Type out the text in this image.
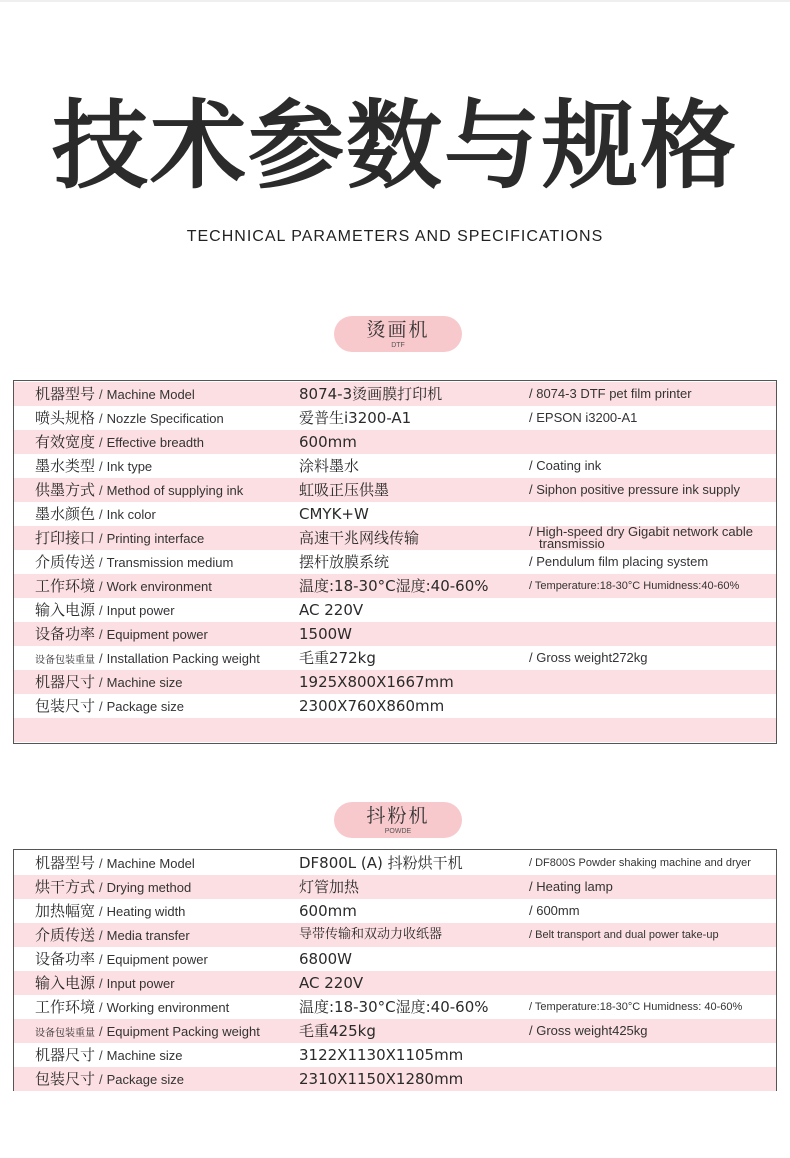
技术参数与规格
TECHNICAL PARAMETERS AND SPECIFICATIONS
烫画机
DTF
机器型号 / Machine Model	8074-3烫画膜打印机	/ 8074-3 DTF pet film printer
喷头规格 / Nozzle Specification	爱普生i3200-A1	/ EPSON i3200-A1
有效宽度 / Effective breadth	600mm
墨水类型 / Ink type	涂料墨水	/ Coating ink
供墨方式 / Method of supplying ink	虹吸正压供墨	/ Siphon positive pressure ink supply
墨水颜色 / Ink color	CMYK+W
打印接口 / Printing interface	高速干兆网线传输	/ High-speed dry Gigabit network cable
transmissio
介质传送 / Transmission medium	摆杆放膜系统	/ Pendulum film placing system
工作环境 / Work environment	温度:18-30°C湿度:40-60%	/ Temperature:18-30°C Humidness:40-60%
输入电源 / Input power	AC 220V
设备功率 / Equipment power	1500W
设备包装重量 / Installation Packing weight	毛重272kg	/ Gross weight272kg
机器尺寸 / Machine size	1925X800X1667mm
包装尺寸 / Package size	2300X760X860mm
抖粉机
POWDE
机器型号 / Machine Model	DF800L (A) 抖粉烘干机	/ DF800S Powder shaking machine and dryer
烘干方式 / Drying method	灯管加热	/ Heating lamp
加热幅宽 / Heating width	600mm	/ 600mm
介质传送 / Media transfer	导带传输和双动力收纸器	/ Belt transport and dual power take-up
设备功率 / Equipment power	6800W
输入电源 / Input power	AC 220V
工作环境 / Working environment	温度:18-30°C湿度:40-60%	/ Temperature:18-30°C Humidness: 40-60%
设备包装重量 / Equipment Packing weight	毛重425kg	/ Gross weight425kg
机器尺寸 / Machine size	3122X1130X1105mm
包装尺寸 / Package size	2310X1150X1280mm
